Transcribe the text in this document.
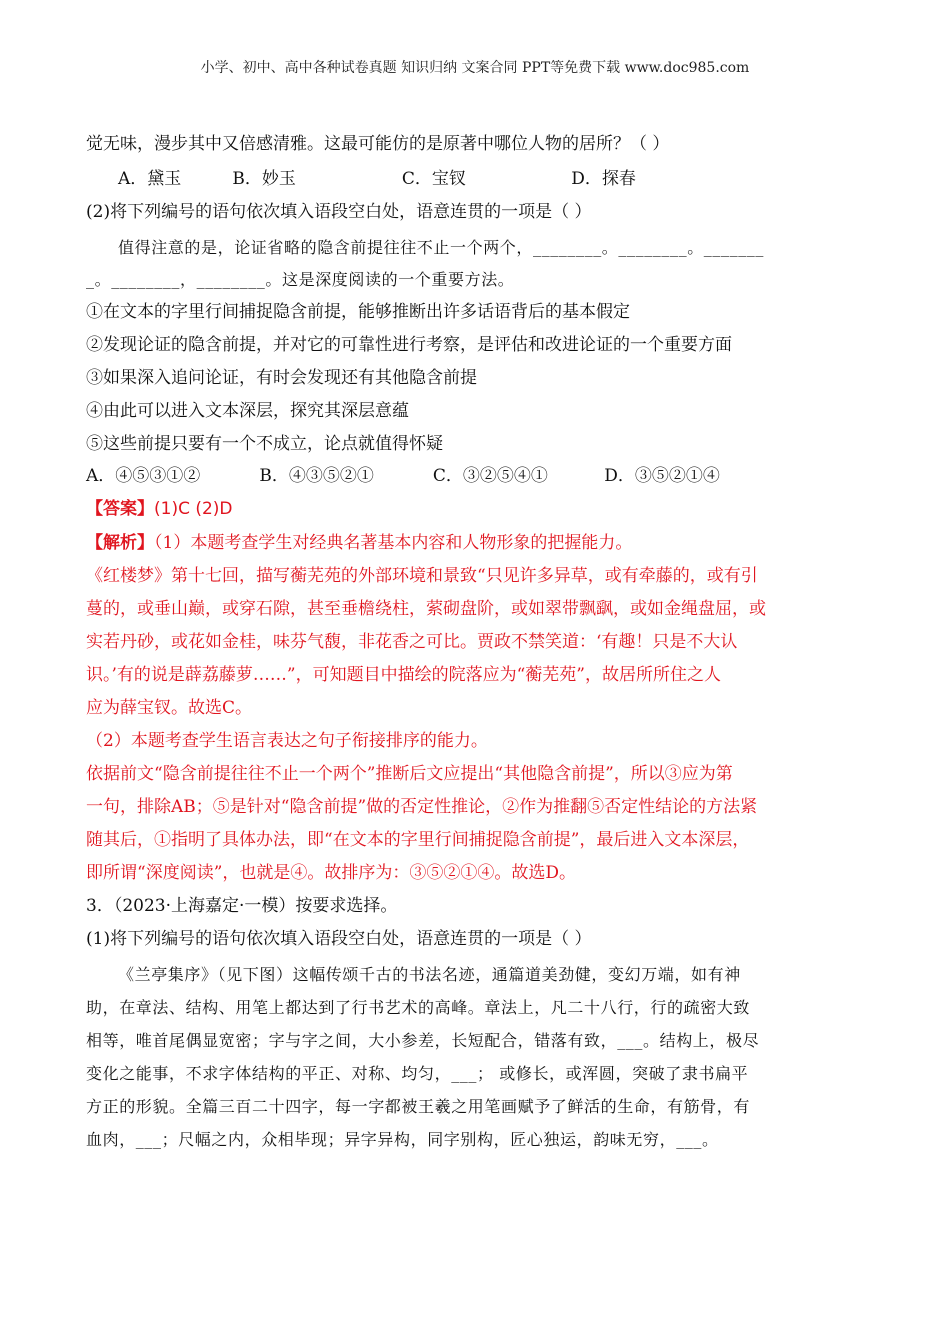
小学、初中、高中各种试卷真题 知识归纳 文案合同 PPT等免费下载 www.doc985.com
觉无味，漫步其中又倍感清雅。这最可能仿的是原著中哪位人物的居所？（ ）
A．黛玉	B．妙玉	C．宝钗	D．探春
(2)将下列编号的语句依次填入语段空白处，语意连贯的一项是（ ）
值得注意的是，论证省略的隐含前提往往不止一个两个，________。________。_______
_。________，________。这是深度阅读的一个重要方法。
①在文本的字里行间捕捉隐含前提，能够推断出许多话语背后的基本假定
②发现论证的隐含前提，并对它的可靠性进行考察，是评估和改进论证的一个重要方面
③如果深入追问论证，有时会发现还有其他隐含前提
④由此可以进入文本深层，探究其深层意蕴
⑤这些前提只要有一个不成立，论点就值得怀疑
A．④⑤③①②	B．④③⑤②①	C．③②⑤④①	D．③⑤②①④
【答案】(1)C (2)D
【解析】（1）本题考查学生对经典名著基本内容和人物形象的把握能力。
《红楼梦》第十七回，描写蘅芜苑的外部环境和景致“只见许多异草，或有牵藤的，或有引
蔓的，或垂山巅，或穿石隙，甚至垂檐绕柱，萦砌盘阶，或如翠带飘飖，或如金绳盘屈，或
实若丹砂，或花如金桂，味芬气馥，非花香之可比。贾政不禁笑道：‘有趣！只是不大认
识。’有的说是薜荔藤萝……”，可知题目中描绘的院落应为“蘅芜苑”，故居所所住之人
应为薛宝钗。故选C。
（2）本题考查学生语言表达之句子衔接排序的能力。
依据前文“隐含前提往往不止一个两个”推断后文应提出“其他隐含前提”，所以③应为第
一句，排除AB；⑤是针对“隐含前提”做的否定性推论，②作为推翻⑤否定性结论的方法紧
随其后，①指明了具体办法，即“在文本的字里行间捕捉隐含前提”，最后进入文本深层，
即所谓“深度阅读”，也就是④。故排序为：③⑤②①④。故选D。
3．（2023·上海嘉定·一模）按要求选择。
(1)将下列编号的语句依次填入语段空白处，语意连贯的一项是（ ）
《兰亭集序》（见下图）这幅传颂千古的书法名迹，通篇道美劲健，变幻万端，如有神
助，在章法、结构、用笔上都达到了行书艺术的高峰。章法上，凡二十八行，行的疏密大致
相等，唯首尾偶显宽密；字与字之间，大小参差，长短配合，错落有致，___。结构上，极尽
变化之能事，不求字体结构的平正、对称、均匀，___； 或修长，或浑圆，突破了隶书扁平
方正的形貌。全篇三百二十四字，每一字都被王羲之用笔画赋予了鲜活的生命，有筋骨，有
血肉，___；尺幅之内，众相毕现；异字异构，同字别构，匠心独运，韵味无穷，___。
